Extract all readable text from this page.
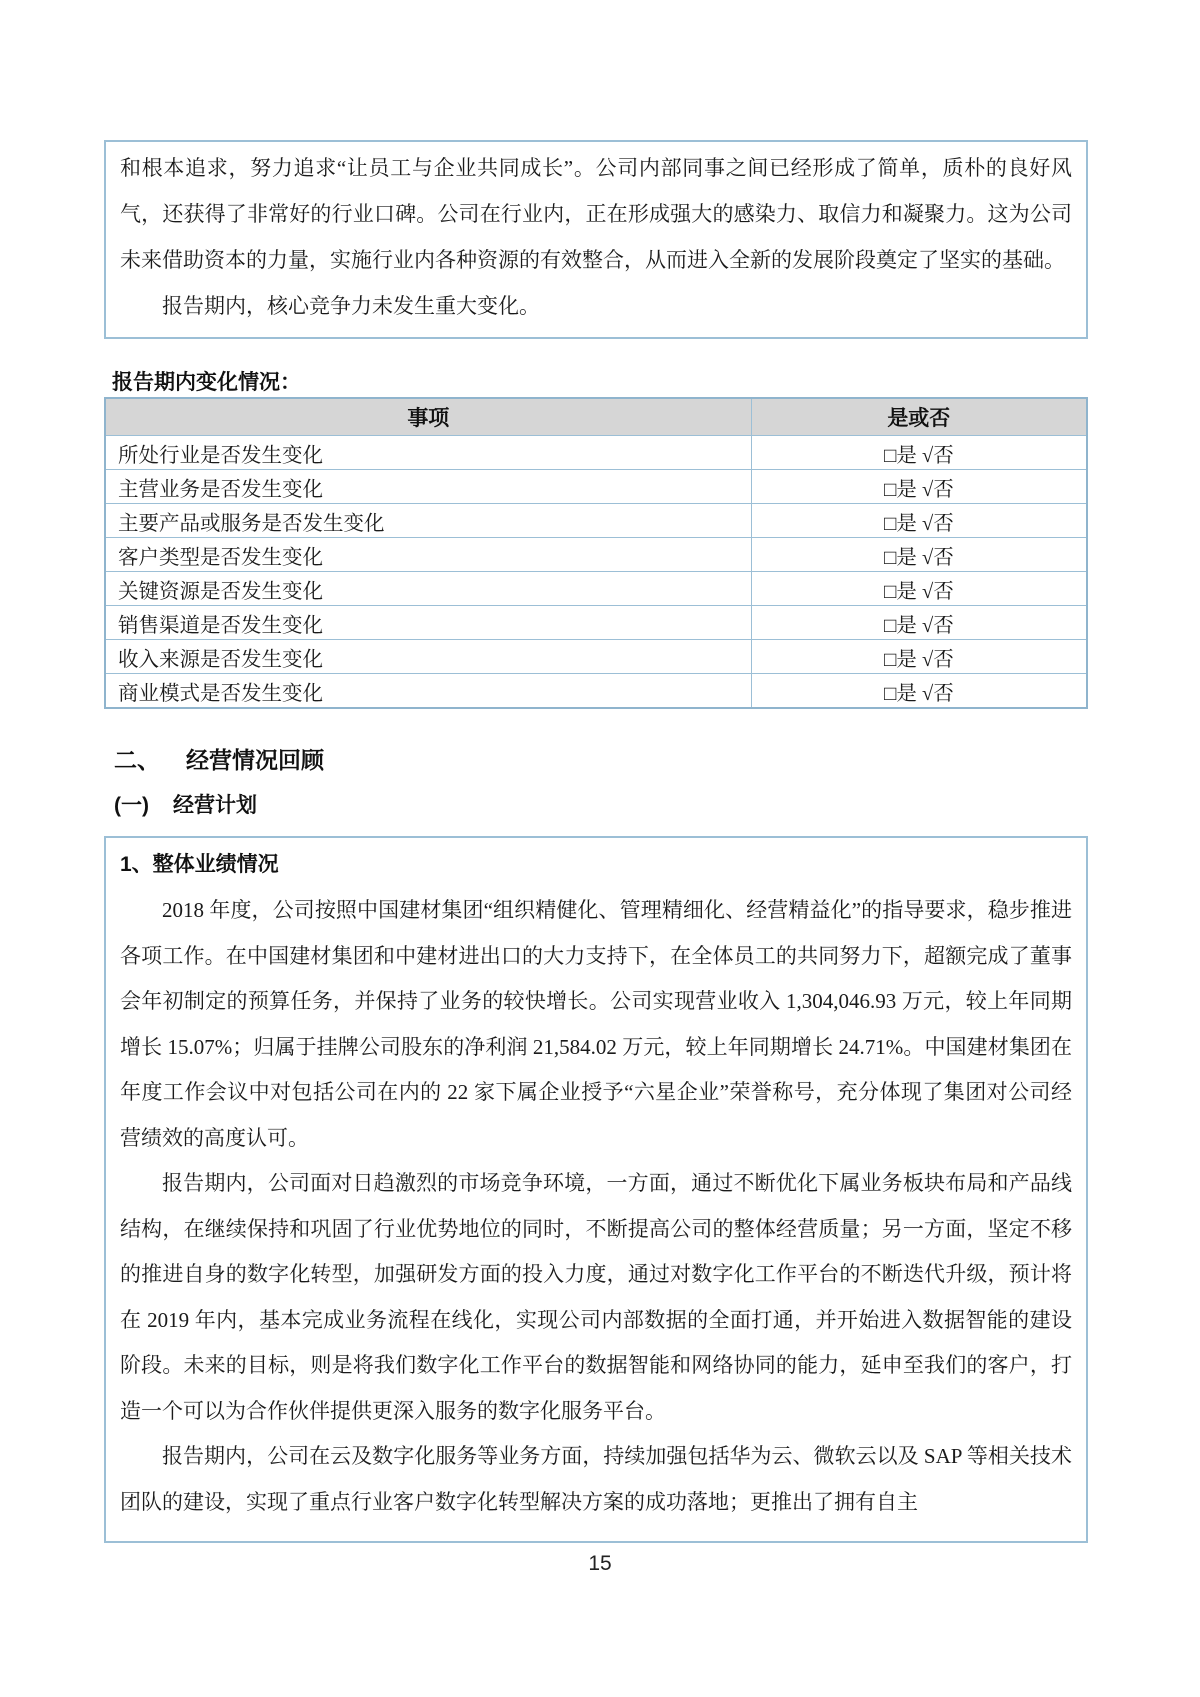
和根本追求，努力追求“让员工与企业共同成长”。公司内部同事之间已经形成了简单，质朴的良好风气，还获得了非常好的行业口碑。公司在行业内，正在形成强大的感染力、取信力和凝聚力。这为公司未来借助资本的力量，实施行业内各种资源的有效整合，从而进入全新的发展阶段奠定了坚实的基础。

报告期内，核心竞争力未发生重大变化。

报告期内变化情况：
事项	是或否
所处行业是否发生变化	□是 √否
主营业务是否发生变化	□是 √否
主要产品或服务是否发生变化	□是 √否
客户类型是否发生变化	□是 √否
关键资源是否发生变化	□是 √否
销售渠道是否发生变化	□是 √否
收入来源是否发生变化	□是 √否
商业模式是否发生变化	□是 √否
二、 经营情况回顾
(一) 经营计划
1、整体业绩情况

2018 年度，公司按照中国建材集团“组织精健化、管理精细化、经营精益化”的指导要求，稳步推进各项工作。在中国建材集团和中建材进出口的大力支持下，在全体员工的共同努力下，超额完成了董事会年初制定的预算任务，并保持了业务的较快增长。公司实现营业收入 1,304,046.93 万元，较上年同期增长 15.07%；归属于挂牌公司股东的净利润 21,584.02 万元，较上年同期增长 24.71%。中国建材集团在年度工作会议中对包括公司在内的 22 家下属企业授予“六星企业”荣誉称号，充分体现了集团对公司经营绩效的高度认可。

报告期内，公司面对日趋激烈的市场竞争环境，一方面，通过不断优化下属业务板块布局和产品线结构，在继续保持和巩固了行业优势地位的同时，不断提高公司的整体经营质量；另一方面，坚定不移的推进自身的数字化转型，加强研发方面的投入力度，通过对数字化工作平台的不断迭代升级，预计将在 2019 年内，基本完成业务流程在线化，实现公司内部数据的全面打通，并开始进入数据智能的建设阶段。未来的目标，则是将我们数字化工作平台的数据智能和网络协同的能力，延申至我们的客户，打造一个可以为合作伙伴提供更深入服务的数字化服务平台。

报告期内，公司在云及数字化服务等业务方面，持续加强包括华为云、微软云以及 SAP 等相关技术团队的建设，实现了重点行业客户数字化转型解决方案的成功落地；更推出了拥有自主

15
